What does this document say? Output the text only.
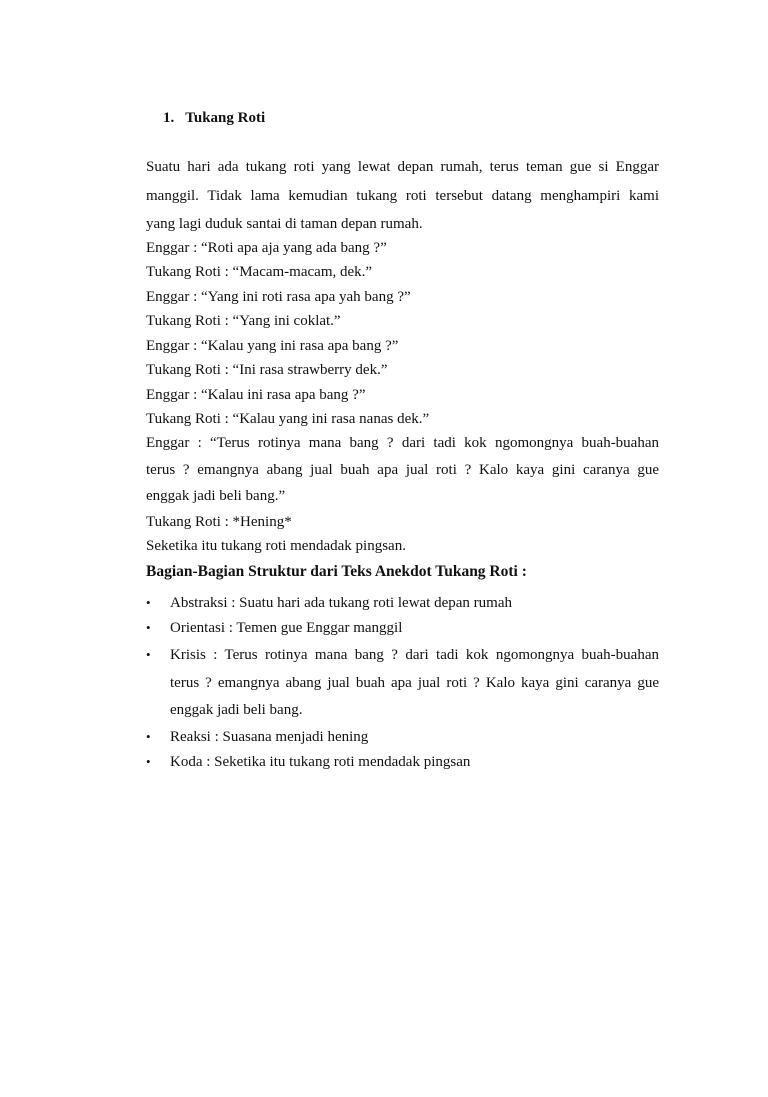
1. Tukang Roti
Suatu hari ada tukang roti yang lewat depan rumah, terus teman gue si Enggar
manggil. Tidak lama kemudian tukang roti tersebut datang menghampiri kami
yang lagi duduk santai di taman depan rumah.
Enggar : “Roti apa aja yang ada bang ?”
Tukang Roti : “Macam-macam, dek.”
Enggar : “Yang ini roti rasa apa yah bang ?”
Tukang Roti : “Yang ini coklat.”
Enggar : “Kalau yang ini rasa apa bang ?”
Tukang Roti : “Ini rasa strawberry dek.”
Enggar : “Kalau ini rasa apa bang ?”
Tukang Roti : “Kalau yang ini rasa nanas dek.”
Enggar : “Terus rotinya mana bang ? dari tadi kok ngomongnya buah-buahan
terus ? emangnya abang jual buah apa jual roti ? Kalo kaya gini caranya gue
enggak jadi beli bang.”
Tukang Roti : *Hening*
Seketika itu tukang roti mendadak pingsan.
Bagian-Bagian Struktur dari Teks Anekdot Tukang Roti :
• Abstraksi : Suatu hari ada tukang roti lewat depan rumah
• Orientasi : Temen gue Enggar manggil
• Krisis : Terus rotinya mana bang ? dari tadi kok ngomongnya buah-buahan
terus ? emangnya abang jual buah apa jual roti ? Kalo kaya gini caranya gue
enggak jadi beli bang.
• Reaksi : Suasana menjadi hening
• Koda : Seketika itu tukang roti mendadak pingsan
